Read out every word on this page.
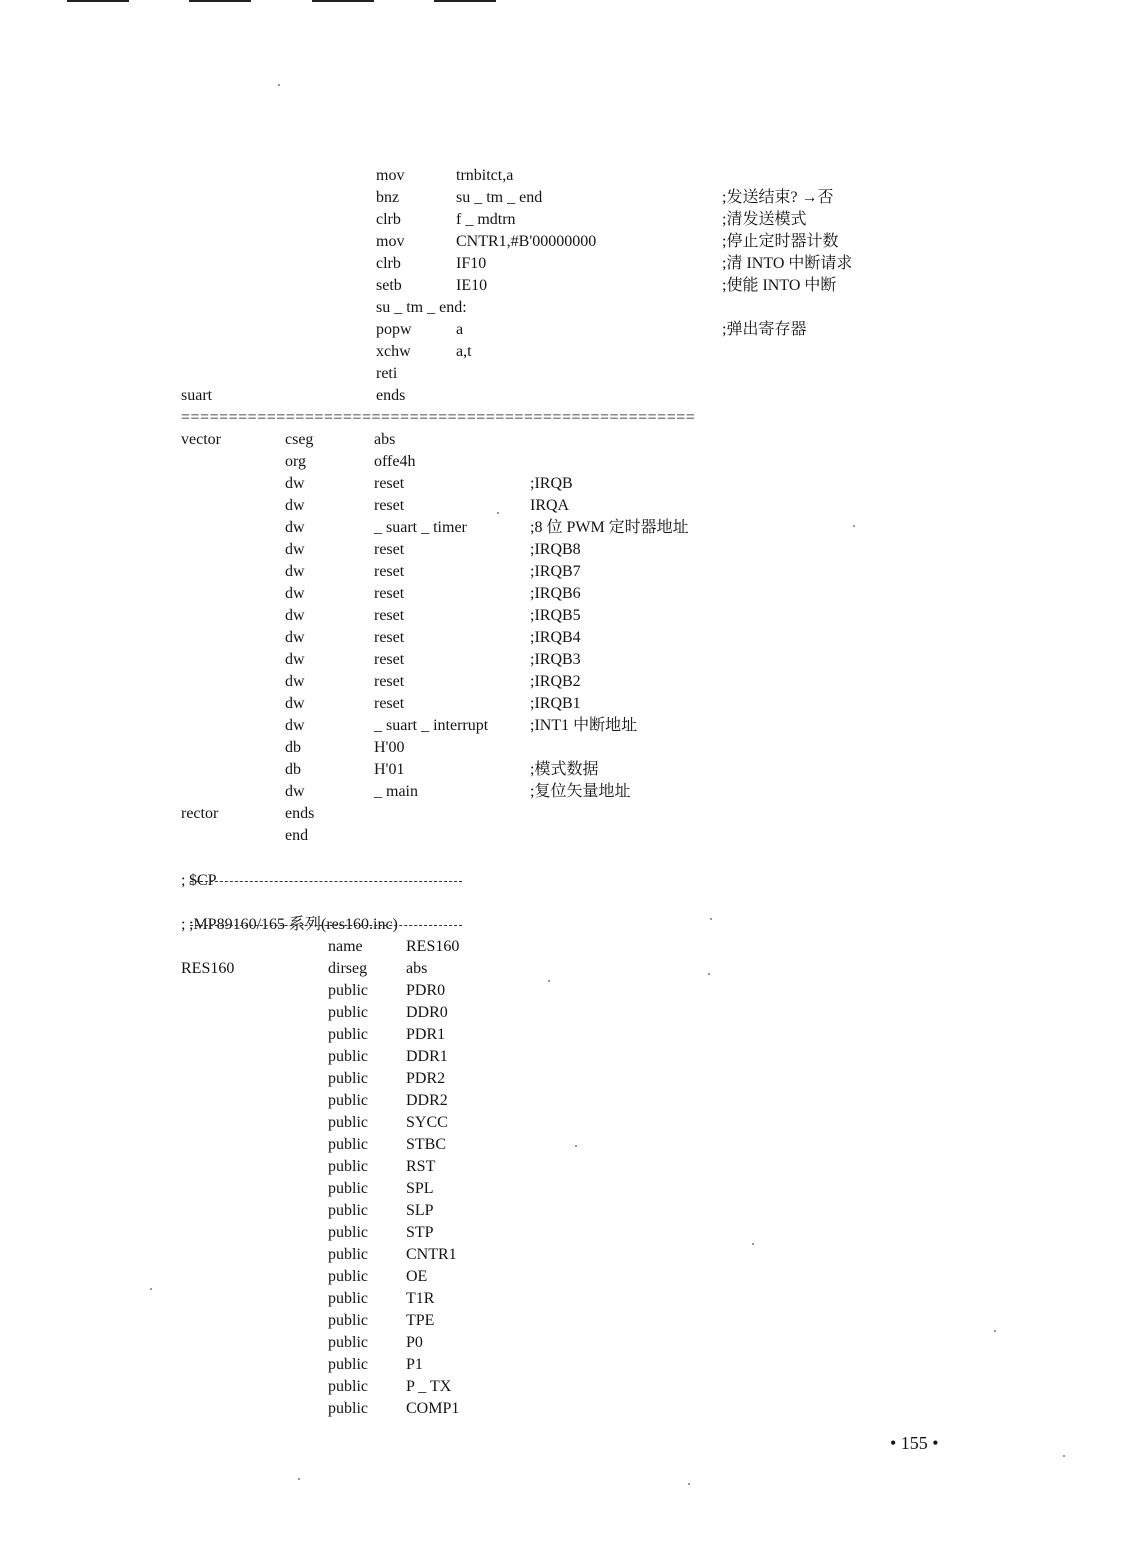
mov	trnbitct,a
bnz	su _ tm _ end	;发送结束? →否
clrb	f _ mdtrn	;清发送模式
mov	CNTR1,#B'00000000	;停止定时器计数
clrb	IF10	;清 INTO 中断请求
setb	IE10	;使能 INTO 中断
su _ tm _ end:
popw	a	;弹出寄存器
xchw	a,t
reti
suart	ends
======================================================
vector	cseg	abs
org	offe4h
dw	reset	;IRQB
dw	reset	IRQA
dw	_ suart _ timer	;8 位 PWM 定时器地址
dw	reset	;IRQB8
dw	reset	;IRQB7
dw	reset	;IRQB6
dw	reset	;IRQB5
dw	reset	;IRQB4
dw	reset	;IRQB3
dw	reset	;IRQB2
dw	reset	;IRQB1
dw	_ suart _ interrupt	;INT1 中断地址
db	H'00
db	H'01	;模式数据
dw	_ main	;复位矢量地址
rector	ends
end

$CP

;

;MP89160/165 系列(res160.inc)

;
name	RES160
RES160	dirseg abs
public PDR0
public DDR0
public PDR1
public DDR1
public PDR2
public DDR2
public SYCC
public STBC
public RST
public SPL
public SLP
public STP
public CNTR1
public OE
public T1R
public TPE
public P0
public P1
public P _ TX
public COMP1
• 155 •
